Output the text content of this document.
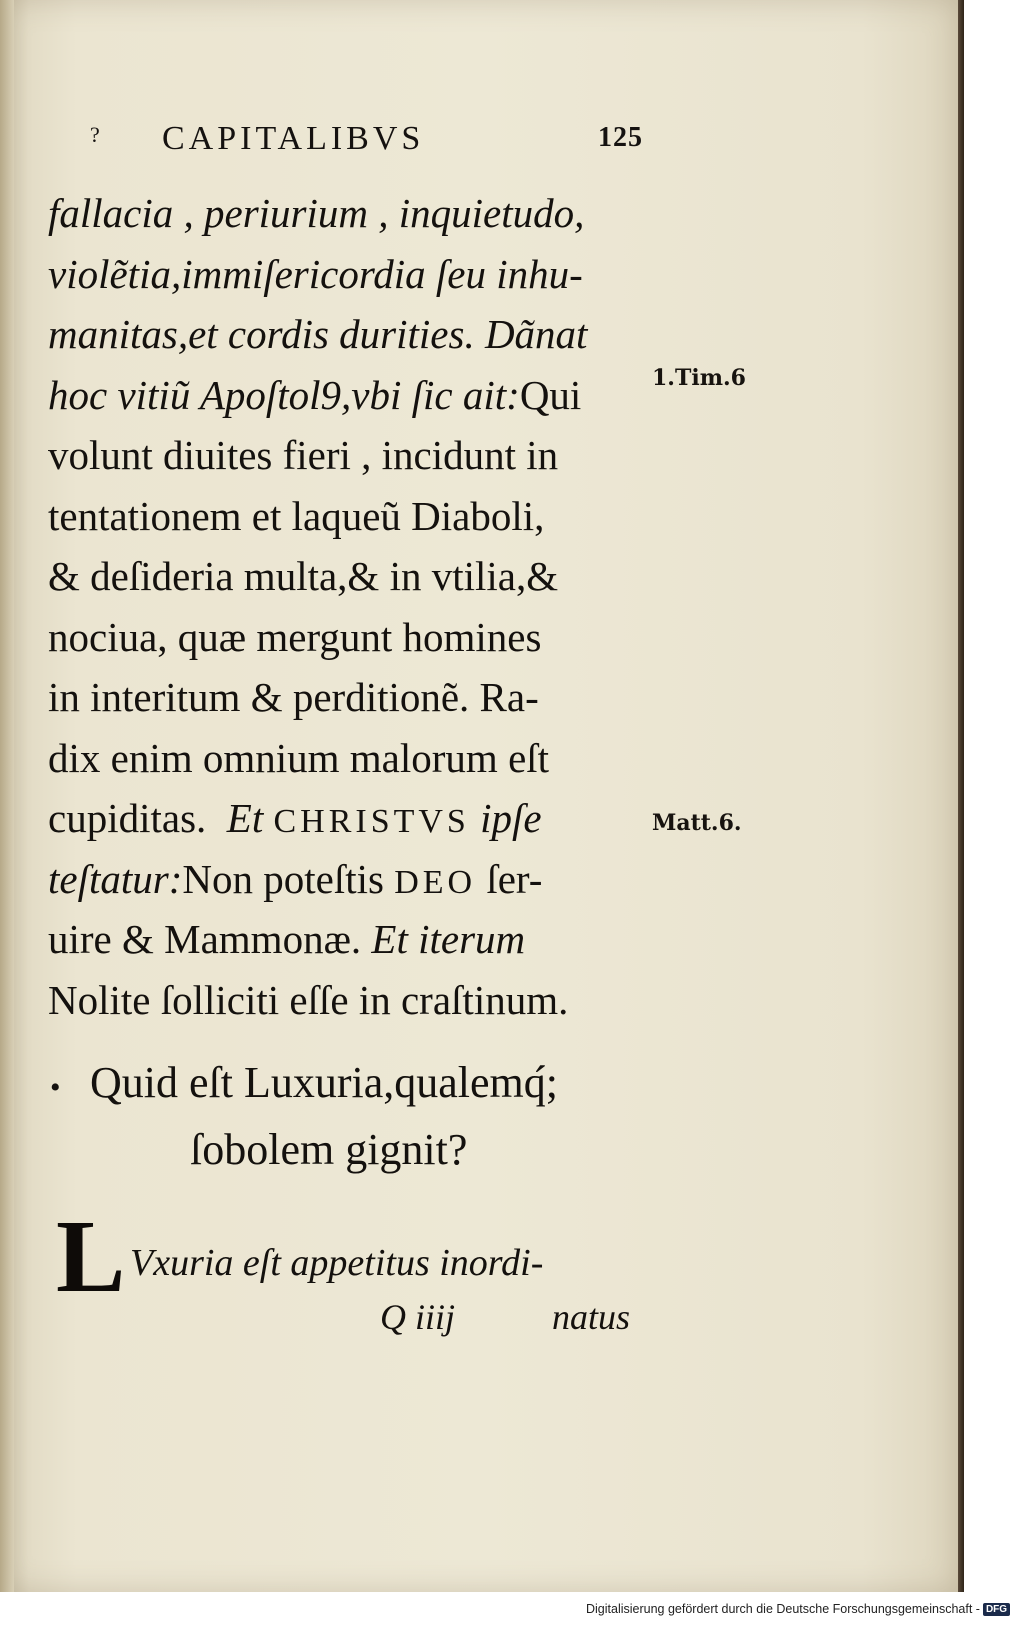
? CAPITALIBVS	125
fallacia , periurium , inquietudo,
violẽtia,immiſericordia ſeu inhu-
manitas,et cordis durities. Dãnat
hoc vitiũ Apoſtol9,vbi ſic ait:Qui
volunt diuites fieri , incidunt in
tentationem et laqueũ Diaboli,
& deſideria multa,& in vtilia,&
nociua, quæ mergunt homines
in interitum & perditionẽ. Ra-
dix enim omnium malorum eſt
cupiditas. Et CHRISTVS ipſe
teſtatur:Non poteſtis DEO ſer-
uire & Mammonæ. Et iterum
Nolite ſolliciti eſſe in craſtinum.
1.Tim.6
Matt.6.

• Quid eſt Luxuria,qualemq́;
ſobolem gignit?
L Vxuria eſt appetitus inordi-
Q iiij	natus
Digitalisierung gefördert durch die Deutsche Forschungsgemeinschaft - DFG
